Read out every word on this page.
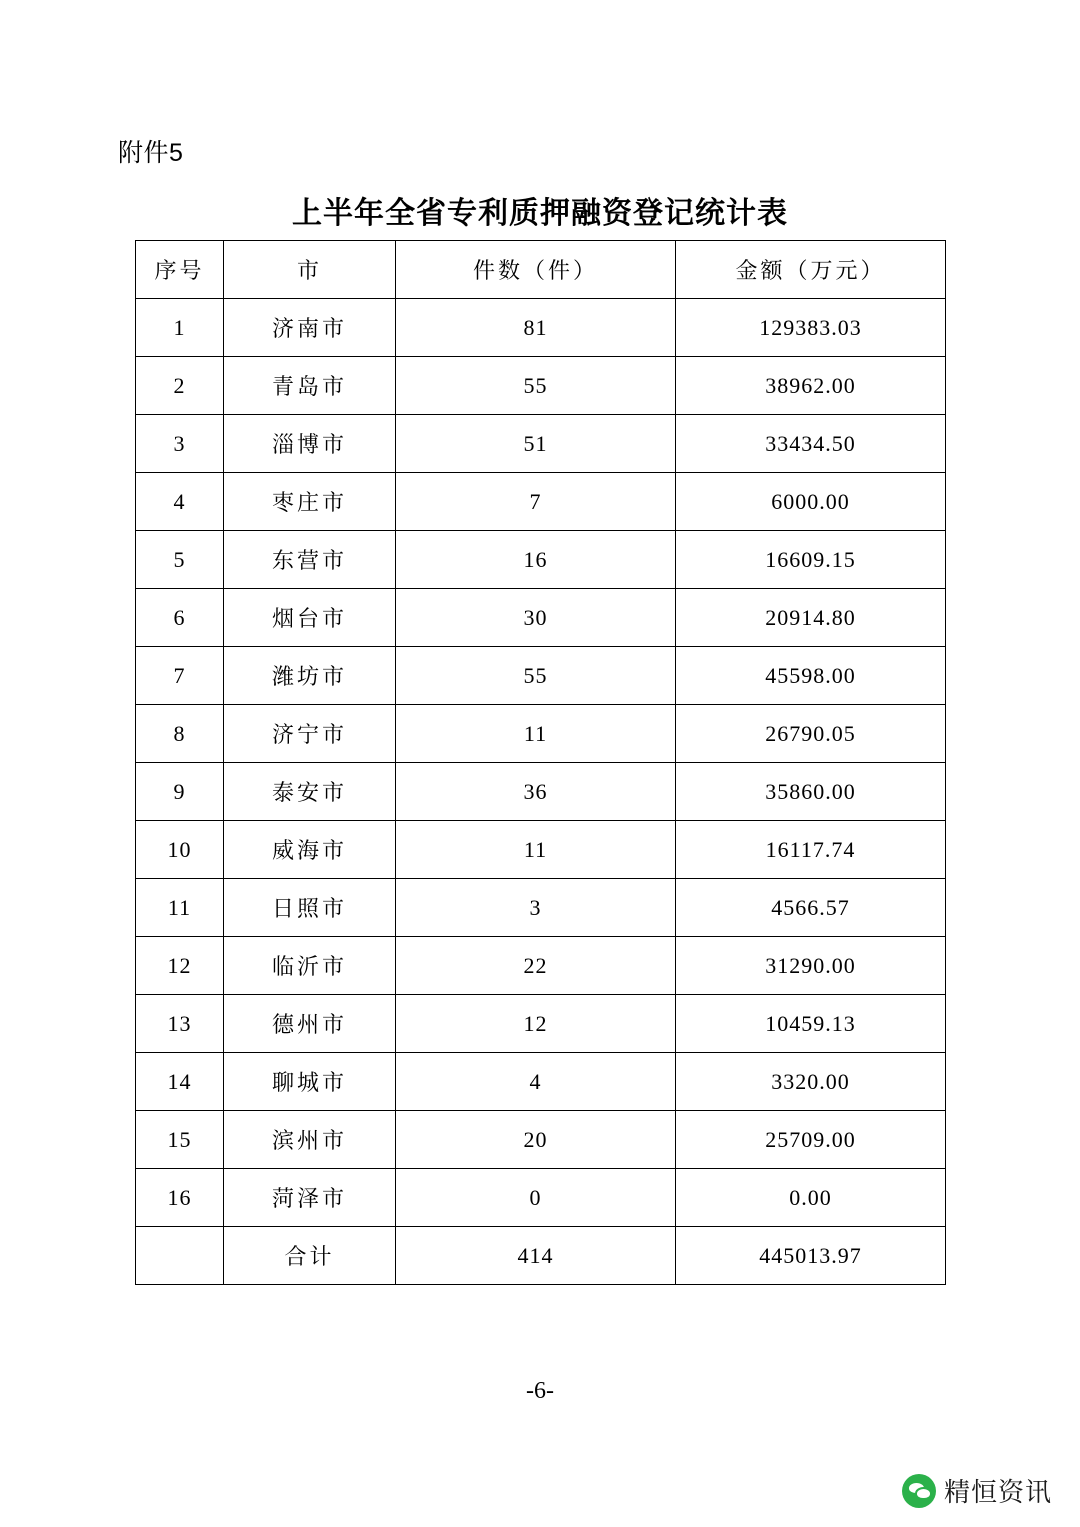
附件5
上半年全省专利质押融资登记统计表
序号	市	件数（件）	金额（万元）
1	济南市	81	129383.03
2	青岛市	55	38962.00
3	淄博市	51	33434.50
4	枣庄市	7	6000.00
5	东营市	16	16609.15
6	烟台市	30	20914.80
7	潍坊市	55	45598.00
8	济宁市	11	26790.05
9	泰安市	36	35860.00
10	威海市	11	16117.74
11	日照市	3	4566.57
12	临沂市	22	31290.00
13	德州市	12	10459.13
14	聊城市	4	3320.00
15	滨州市	20	25709.00
16	菏泽市	0	0.00
	合计	414	445013.97
-6-
精恒资讯
